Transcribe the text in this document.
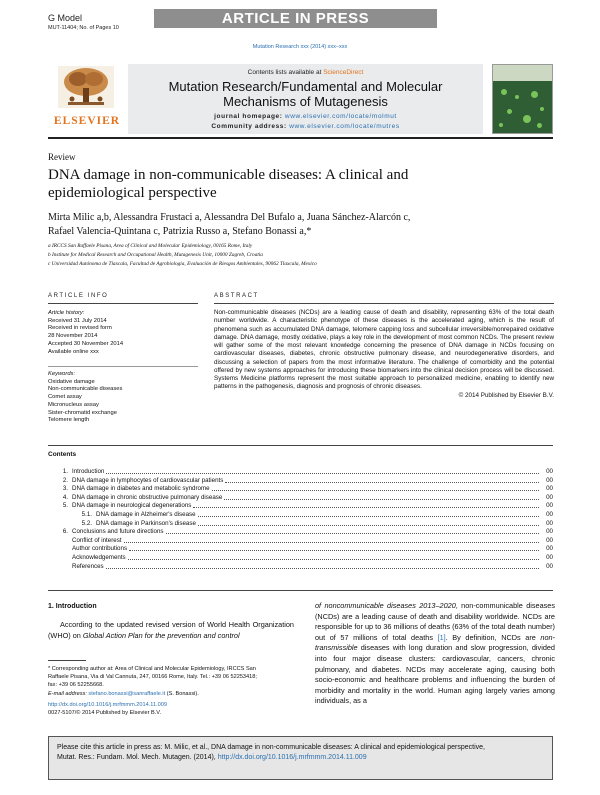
G Model
MUT-11404; No. of Pages 10
ARTICLE IN PRESS
Mutation Research xxx (2014) xxx–xxx
ELSEVIER
Contents lists available at ScienceDirect
Mutation Research/Fundamental and Molecular
Mechanisms of Mutagenesis
journal homepage: www.elsevier.com/locate/molmut
Community address: www.elsevier.com/locate/mutres
Review
DNA damage in non-communicable diseases: A clinical and
epidemiological perspective
Mirta Milic a,b, Alessandra Frustaci a, Alessandra Del Bufalo a, Juana Sánchez-Alarcón c,
Rafael Valencia-Quintana c, Patrizia Russo a, Stefano Bonassi a,*
a IRCCS San Raffaele Pisana, Area of Clinical and Molecular Epidemiology, 00165 Rome, Italy
b Institute for Medical Research and Occupational Health, Mutagenesis Unit, 10000 Zagreb, Croatia
c Universidad Autónoma de Tlaxcala, Facultad de Agrobiología, Evaluación de Riesgos Ambientales, 90062 Tlaxcala, Mexico
ARTICLE INFO	ABSTRACT
Article history:
Received 31 July 2014
Received in revised form
28 November 2014
Accepted 30 November 2014
Available online xxx
Keywords:
Oxidative damage
Non-communicable diseases
Comet assay
Micronucleus assay
Sister-chromatid exchange
Telomere length
Non-communicable diseases (NCDs) are a leading cause of death and disability, representing 63% of the total death number worldwide. A characteristic phenotype of these diseases is the accelerated aging, which is the result of phenomena such as accumulated DNA damage, telomere capping loss and subcellular irreversible/nonrepaired oxidative damage. DNA damage, mostly oxidative, plays a key role in the development of most common NCDs. The present review will gather some of the most relevant knowledge concerning the presence of DNA damage in NCDs focusing on cardiovascular diseases, diabetes, chronic obstructive pulmonary disease, and neurodegenerative disorders, and discussing a selection of papers from the most informative literature. The challenge of comorbidity and the potential offered by new systems approaches for introducing these biomarkers into the clinical decision process will be discussed. Systems Medicine platforms represent the most suitable approach to personalized medicine, enabling to identify new patterns in the pathogenesis, diagnosis and prognosis of chronic diseases.
© 2014 Published by Elsevier B.V.
Contents
1. Introduction	00
2. DNA damage in lymphocytes of cardiovascular patients	00
3. DNA damage in diabetes and metabolic syndrome	00
4. DNA damage in chronic obstructive pulmonary disease	00
5. DNA damage in neurological degenerations	00
5.1. DNA damage in Alzheimer's disease	00
5.2. DNA damage in Parkinson's disease	00
6. Conclusions and future directions	00
Conflict of interest	00
Author contributions	00
Acknowledgements	00
References	00
1. Introduction
According to the updated revised version of World Health Organization (WHO) on Global Action Plan for the prevention and control
of noncommunicable diseases 2013–2020, non-communicable diseases (NCDs) are a leading cause of death and disability worldwide. NCDs are responsible for up to 36 millions of deaths (63% of the total death number) out of 57 millions of total deaths [1]. By definition, NCDs are non-transmissible diseases with long duration and slow progression, divided into four major disease clusters: cardiovascular, cancers, chronic pulmonary, and diabetes. NCDs may accelerate aging, causing both socio-economic and healthcare problems and influencing the burden of morbidity and mortality in the world. Human aging largely varies among individuals, as a
* Corresponding author at: Area of Clinical and Molecular Epidemiology, IRCCS San
Raffaele Pisana, Via di Val Cannuta, 247, 00166 Rome, Italy. Tel.: +39 06 52253418;
fax: +39 06 52255668.
E-mail address: stefano.bonassi@sanraffaele.it (S. Bonassi).
http://dx.doi.org/10.1016/j.mrfmmm.2014.11.009
0027-5107/© 2014 Published by Elsevier B.V.
Please cite this article in press as: M. Milic, et al., DNA damage in non-communicable diseases: A clinical and epidemiological perspective,
Mutat. Res.: Fundam. Mol. Mech. Mutagen. (2014), http://dx.doi.org/10.1016/j.mrfmmm.2014.11.009
